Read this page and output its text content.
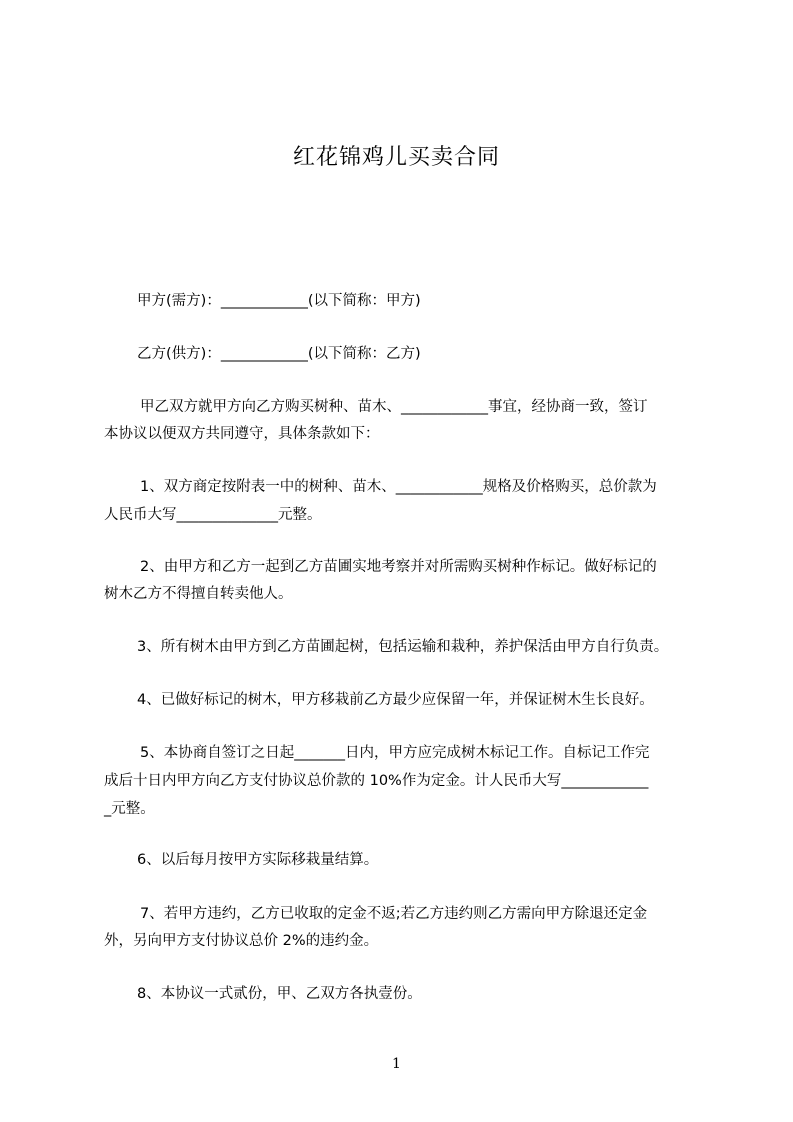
红花锦鸡儿买卖合同
甲方(需方)：____________(以下简称：甲方)
乙方(供方)：____________(以下简称：乙方)
甲乙双方就甲方向乙方购买树种、苗木、____________事宜，经协商一致，签订
本协议以便双方共同遵守，具体条款如下：
1、双方商定按附表一中的树种、苗木、____________规格及价格购买，总价款为
人民币大写______________元整。
2、由甲方和乙方一起到乙方苗圃实地考察并对所需购买树种作标记。做好标记的
树木乙方不得擅自转卖他人。
3、所有树木由甲方到乙方苗圃起树，包括运输和栽种，养护保活由甲方自行负责。
4、已做好标记的树木，甲方移栽前乙方最少应保留一年，并保证树木生长良好。
5、本协商自签订之日起_______日内，甲方应完成树木标记工作。自标记工作完
成后十日内甲方向乙方支付协议总价款的 10%作为定金。计人民币大写____________
_元整。
6、以后每月按甲方实际移栽量结算。
7、若甲方违约，乙方已收取的定金不返;若乙方违约则乙方需向甲方除退还定金
外，另向甲方支付协议总价 2%的违约金。
8、本协议一式贰份，甲、乙双方各执壹份。
1
